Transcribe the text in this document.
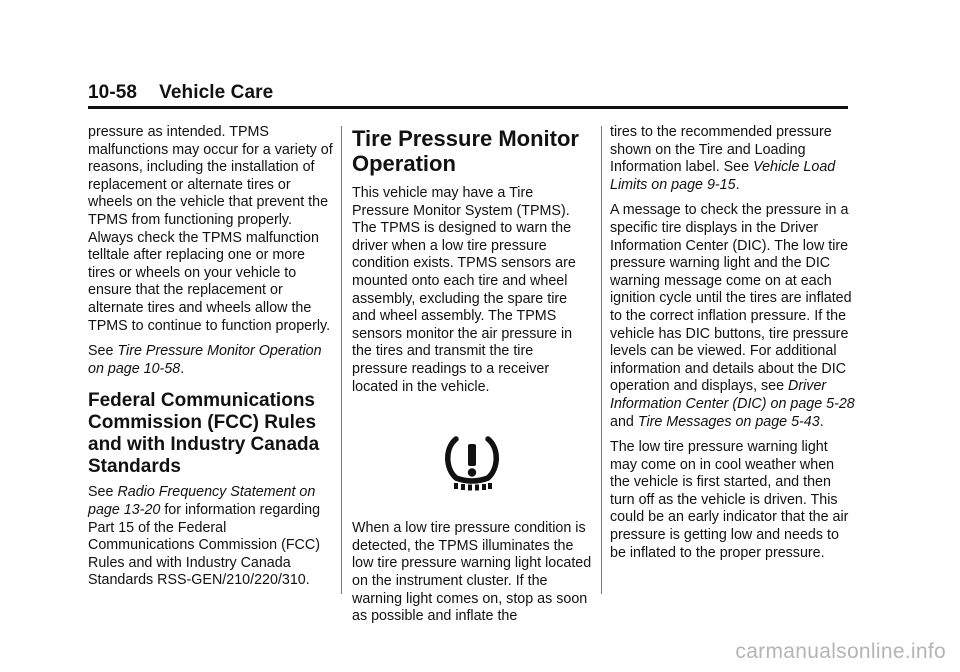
10-58 Vehicle Care

pressure as intended. TPMS malfunctions may occur for a variety of reasons, including the installation of replacement or alternate tires or wheels on the vehicle that prevent the TPMS from functioning properly. Always check the TPMS malfunction telltale after replacing one or more tires or wheels on your vehicle to ensure that the replacement or alternate tires and wheels allow the TPMS to continue to function properly.

See Tire Pressure Monitor Operation on page 10-58.

Federal Communications Commission (FCC) Rules and with Industry Canada Standards

See Radio Frequency Statement on page 13-20 for information regarding Part 15 of the Federal Communications Commission (FCC) Rules and with Industry Canada Standards RSS-GEN/210/220/310.

Tire Pressure Monitor Operation

This vehicle may have a Tire Pressure Monitor System (TPMS). The TPMS is designed to warn the driver when a low tire pressure condition exists. TPMS sensors are mounted onto each tire and wheel assembly, excluding the spare tire and wheel assembly. The TPMS sensors monitor the air pressure in the tires and transmit the tire pressure readings to a receiver located in the vehicle.

When a low tire pressure condition is detected, the TPMS illuminates the low tire pressure warning light located on the instrument cluster. If the warning light comes on, stop as soon as possible and inflate the

tires to the recommended pressure shown on the Tire and Loading Information label. See Vehicle Load Limits on page 9-15.

A message to check the pressure in a specific tire displays in the Driver Information Center (DIC). The low tire pressure warning light and the DIC warning message come on at each ignition cycle until the tires are inflated to the correct inflation pressure. If the vehicle has DIC buttons, tire pressure levels can be viewed. For additional information and details about the DIC operation and displays, see Driver Information Center (DIC) on page 5-28 and Tire Messages on page 5-43.

The low tire pressure warning light may come on in cool weather when the vehicle is first started, and then turn off as the vehicle is driven. This could be an early indicator that the air pressure is getting low and needs to be inflated to the proper pressure.

carmanualsonline.info
